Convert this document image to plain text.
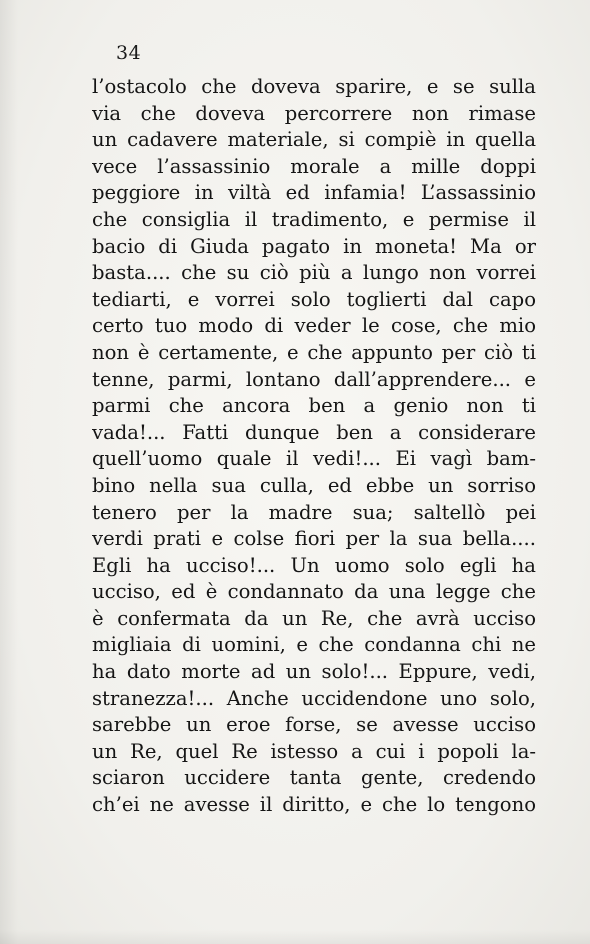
34
l’ostacolo che doveva sparire, e se sulla
via che doveva percorrere non rimase
un cadavere materiale, si compiè in quella
vece l’assassinio morale a mille doppi
peggiore in viltà ed infamia! L’assassinio
che consiglia il tradimento, e permise il
bacio di Giuda pagato in moneta! Ma or
basta.... che su ciò più a lungo non vorrei
tediarti, e vorrei solo toglierti dal capo
certo tuo modo di veder le cose, che mio
non è certamente, e che appunto per ciò ti
tenne, parmi, lontano dall’apprendere... e
parmi che ancora ben a genio non ti
vada!... Fatti dunque ben a considerare
quell’uomo quale il vedi!... Ei vagì bam-
bino nella sua culla, ed ebbe un sorriso
tenero per la madre sua; saltellò pei
verdi prati e colse fiori per la sua bella....
Egli ha ucciso!... Un uomo solo egli ha
ucciso, ed è condannato da una legge che
è confermata da un Re, che avrà ucciso
migliaia di uomini, e che condanna chi ne
ha dato morte ad un solo!... Eppure, vedi,
stranezza!... Anche uccidendone uno solo,
sarebbe un eroe forse, se avesse ucciso
un Re, quel Re istesso a cui i popoli la-
sciaron uccidere tanta gente, credendo
ch’ei ne avesse il diritto, e che lo tengono
